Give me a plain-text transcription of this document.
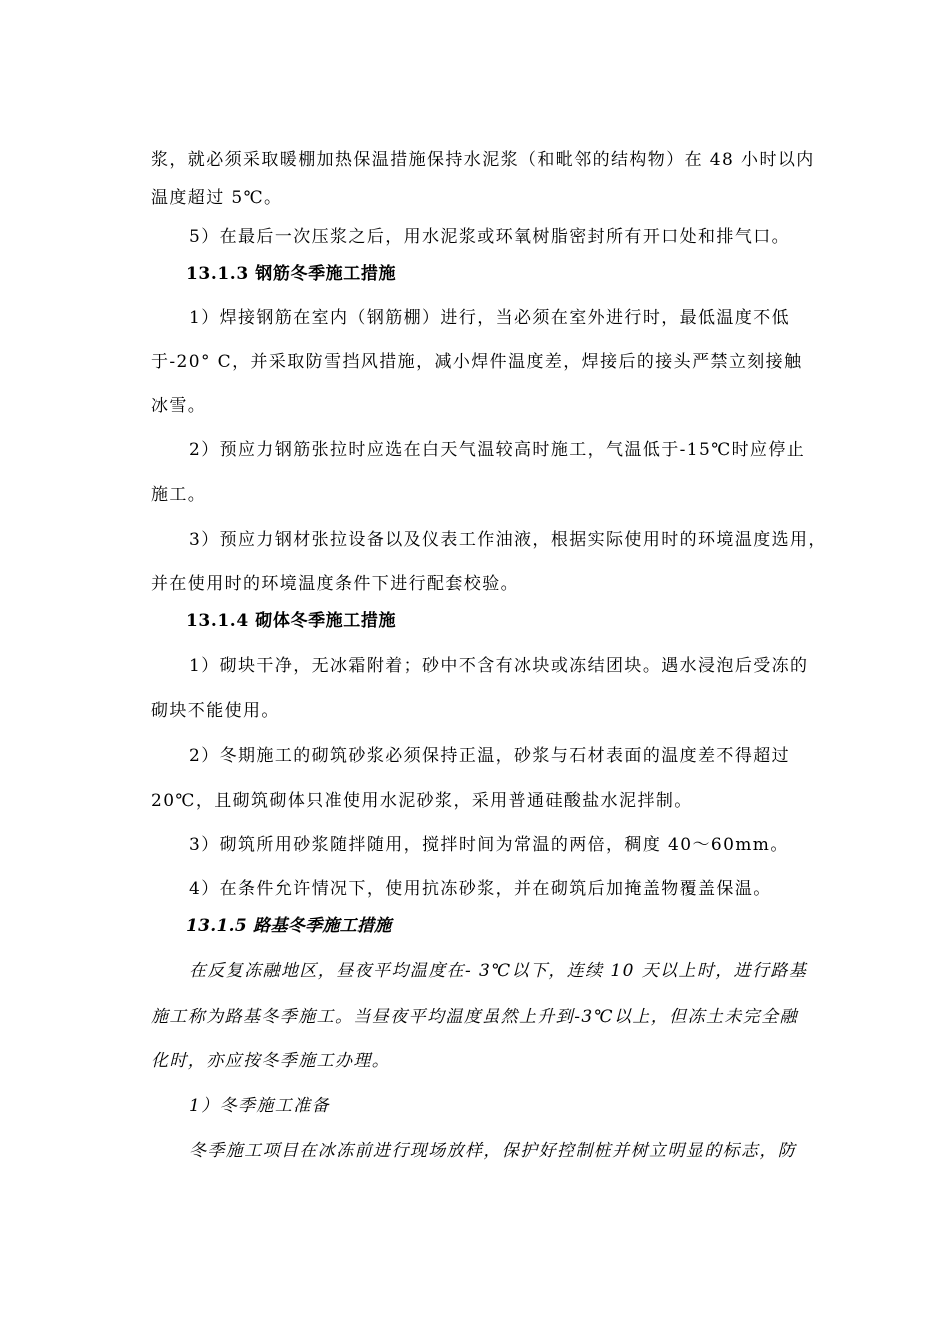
浆，就必须采取暖棚加热保温措施保持水泥浆（和毗邻的结构物）在 48 小时以内
温度超过 5℃。
5）在最后一次压浆之后，用水泥浆或环氧树脂密封所有开口处和排气口。
13.1.3 钢筋冬季施工措施
1）焊接钢筋在室内（钢筋棚）进行，当必须在室外进行时，最低温度不低
于-20° C，并采取防雪挡风措施，减小焊件温度差，焊接后的接头严禁立刻接触
冰雪。
2）预应力钢筋张拉时应选在白天气温较高时施工，气温低于-15℃时应停止
施工。
3）预应力钢材张拉设备以及仪表工作油液，根据实际使用时的环境温度选用，
并在使用时的环境温度条件下进行配套校验。
13.1.4 砌体冬季施工措施
1）砌块干净，无冰霜附着；砂中不含有冰块或冻结团块。遇水浸泡后受冻的
砌块不能使用。
2）冬期施工的砌筑砂浆必须保持正温，砂浆与石材表面的温度差不得超过
20℃，且砌筑砌体只准使用水泥砂浆，采用普通硅酸盐水泥拌制。
3）砌筑所用砂浆随拌随用，搅拌时间为常温的两倍，稠度 40～60mm。
4）在条件允许情况下，使用抗冻砂浆，并在砌筑后加掩盖物覆盖保温。
13.1.5 路基冬季施工措施
在反复冻融地区，昼夜平均温度在- 3℃以下，连续 10 天以上时，进行路基
施工称为路基冬季施工。当昼夜平均温度虽然上升到-3℃以上，但冻土未完全融
化时，亦应按冬季施工办理。
1）冬季施工准备
冬季施工项目在冰冻前进行现场放样，保护好控制桩并树立明显的标志，防
